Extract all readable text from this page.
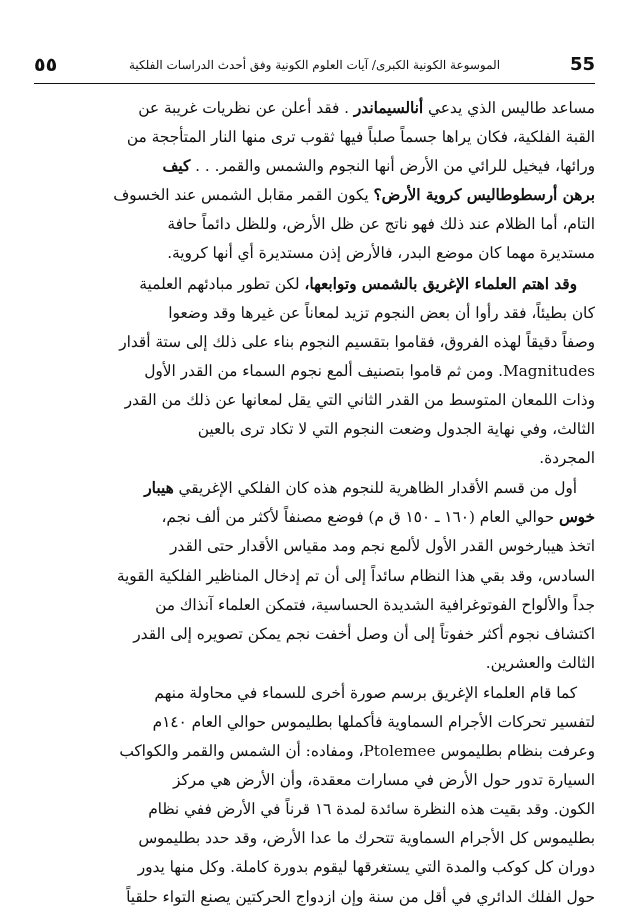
٥٥	الموسوعة الكونية الكبرى/ آيات العلوم الكونية وفق أحدث الدراسات الفلكية	55
مساعد طاليس الذي يدعي أنالسيماندر . فقد أعلن عن نظريات غريبة عن
القبة الفلكية، فكان يراها جسماً صلباً فيها ثقوب ترى منها النار المتأججة من
ورائها، فيخيل للرائي من الأرض أنها النجوم والشمس والقمر. . . كيف
برهن أرسطوطاليس كروية الأرض؟ يكون القمر مقابل الشمس عند الخسوف
التام، أما الظلام عند ذلك فهو ناتج عن ظل الأرض، وللظل دائماً حافة
مستديرة مهما كان موضع البدر، فالأرض إذن مستديرة أي أنها كروية.
وقد اهتم العلماء الإغريق بالشمس وتوابعها، لكن تطور مبادئهم العلمية
كان بطيئاً، فقد رأوا أن بعض النجوم تزيد لمعاناً عن غيرها وقد وضعوا
وصفاً دقيقاً لهذه الفروق، فقاموا بتقسيم النجوم بناء على ذلك إلى ستة أقدار
Magnitudes. ومن ثم قاموا بتصنيف ألمع نجوم السماء من القدر الأول
وذات اللمعان المتوسط من القدر الثاني التي يقل لمعانها عن ذلك من القدر
الثالث، وفي نهاية الجدول وضعت النجوم التي لا تكاد ترى بالعين
المجردة.
أول من قسم الأقدار الظاهرية للنجوم هذه كان الفلكي الإغريقي هيبار
خوس حوالي العام (١٦٠ ـ ١٥٠ ق م) فوضع مصنفاً لأكثر من ألف نجم،
اتخذ هيبارخوس القدر الأول لألمع نجم ومد مقياس الأقدار حتى القدر
السادس، وقد بقي هذا النظام سائداً إلى أن تم إدخال المناظير الفلكية القوية
جداً والألواح الفوتوغرافية الشديدة الحساسية، فتمكن العلماء آنذاك من
اكتشاف نجوم أكثر خفوتاً إلى أن وصل أخفت نجم يمكن تصويره إلى القدر
الثالث والعشرين.
كما قام العلماء الإغريق برسم صورة أخرى للسماء في محاولة منهم
لتفسير تحركات الأجرام السماوية فأكملها بطليموس حوالي العام ١٤٠م
وعرفت بنظام بطليموس Ptolemee، ومفاده: أن الشمس والقمر والكواكب
السيارة تدور حول الأرض في مسارات معقدة، وأن الأرض هي مركز
الكون. وقد بقيت هذه النظرة سائدة لمدة ١٦ قرناً في الأرض ففي نظام
بطليموس كل الأجرام السماوية تتحرك ما عدا الأرض، وقد حدد بطليموس
دوران كل كوكب والمدة التي يستغرقها ليقوم بدورة كاملة. وكل منها يدور
حول الفلك الدائري في أقل من سنة وإن ازدواج الحركتين يصنع التواء حلقياً
